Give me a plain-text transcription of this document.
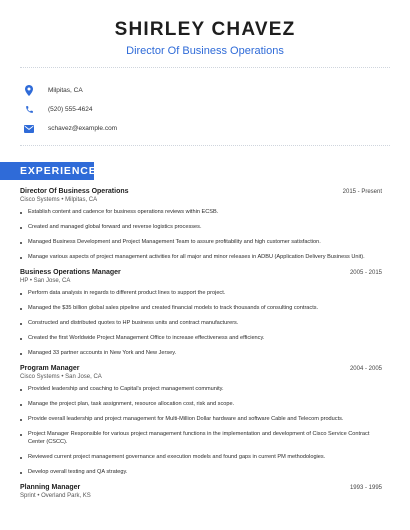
SHIRLEY CHAVEZ
Director Of Business Operations
Milpitas, CA
(520) 555-4624
schavez@example.com
EXPERIENCE
Director Of Business Operations	2015 - Present
Cisco Systems • Milpitas, CA
Establish content and cadence for business operations reviews within ECSB.
Created and managed global forward and reverse logistics processes.
Managed Business Development and Project Management Team to assure profitability and high customer satisfaction.
Manage various aspects of project management activities for all major and minor releases in ADBU (Application Delivery Business Unit).
Business Operations Manager	2005 - 2015
HP • San Jose, CA
Perform data analysis in regards to different product lines to support the project.
Managed the $35 billion global sales pipeline and created financial models to track thousands of consulting contracts.
Constructed and distributed quotes to HP business units and contract manufacturers.
Created the first Worldwide Project Management Office to increase effectiveness and efficiency.
Managed 33 partner accounts in New York and New Jersey.
Program Manager	2004 - 2005
Cisco Systems • San Jose, CA
Provided leadership and coaching to Capital's project management community.
Manage the project plan, task assignment, resource allocation cost, risk and scope.
Provide overall leadership and project management for Multi-Million Dollar hardware and software Cable and Telecom products.
Project Manager Responsible for various project management functions in the implementation and development of Cisco Service Contract Center (CSCC).
Reviewed current project management governance and execution models and found gaps in current PM methodologies.
Develop overall testing and QA strategy.
Planning Manager	1993 - 1995
Sprint • Overland Park, KS
